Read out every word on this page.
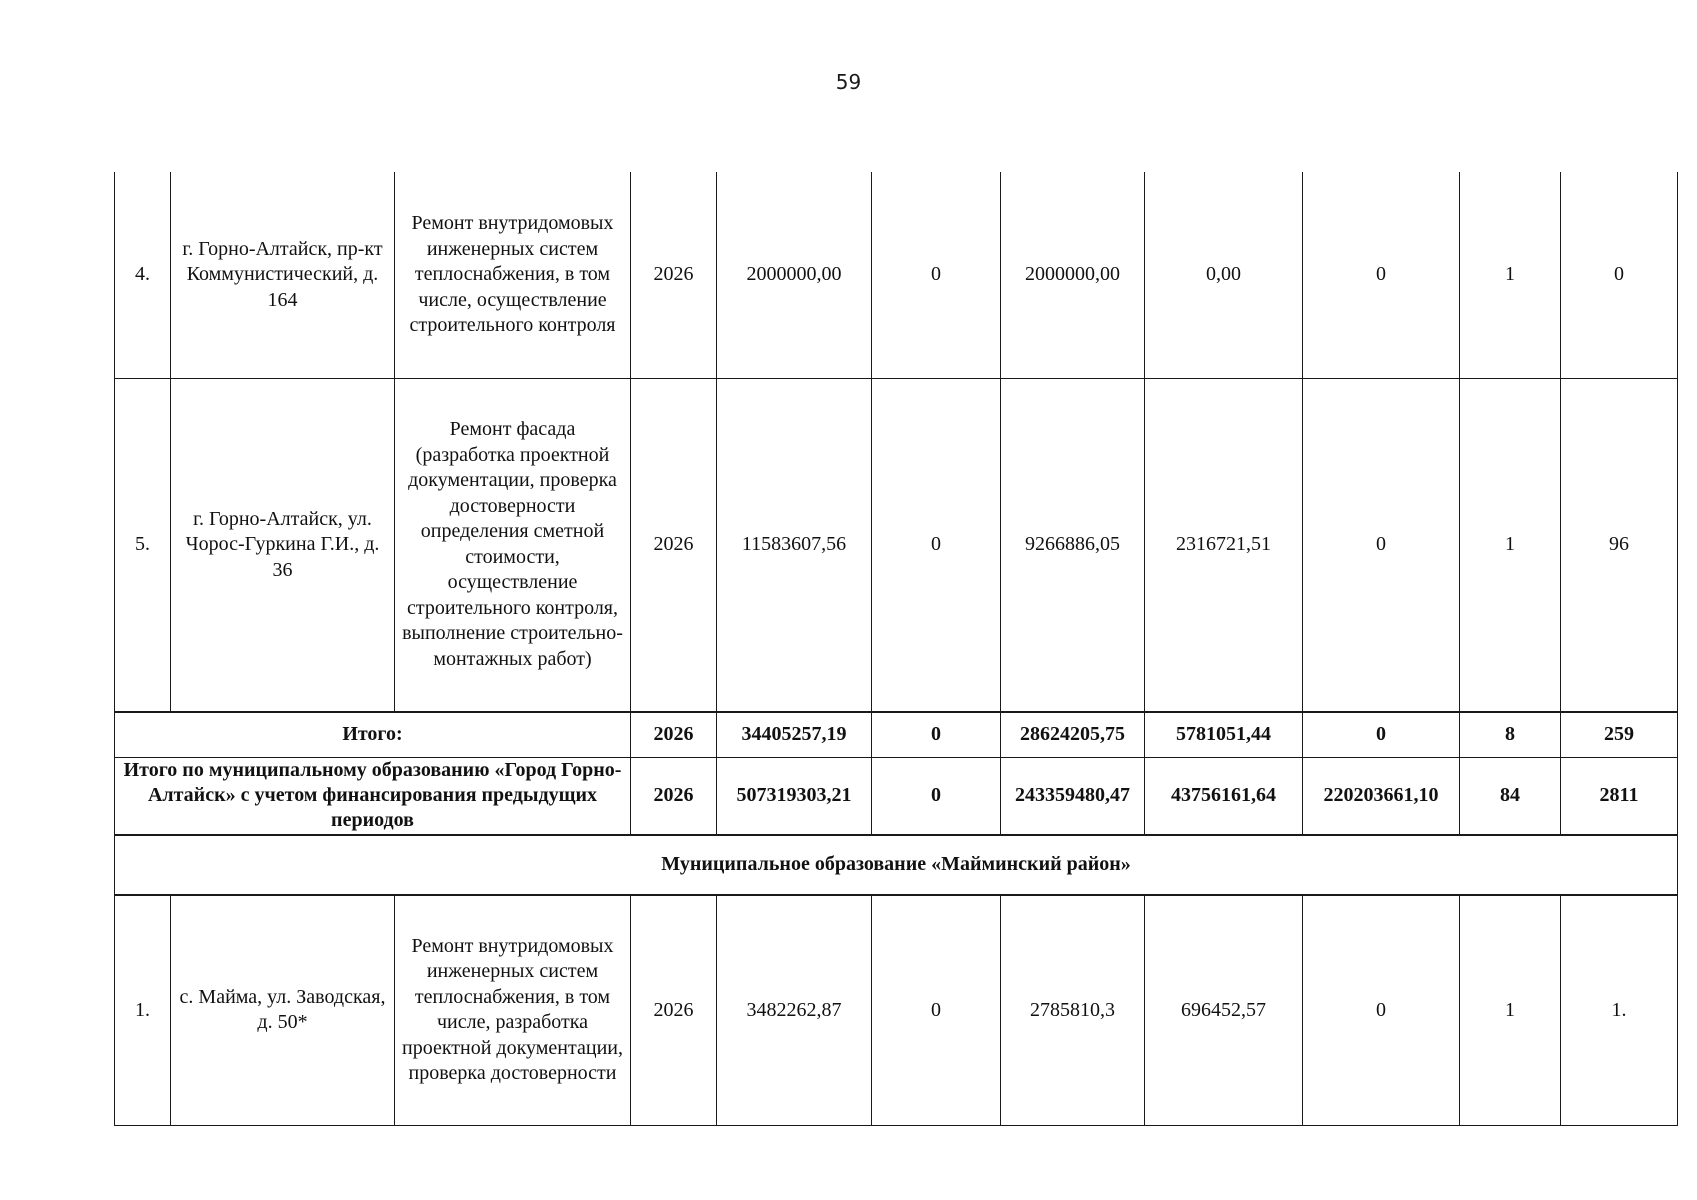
59
4.	г. Горно-Алтайск, пр-кт Коммунистический, д. 164	Ремонт внутридомовых инженерных систем теплоснабжения, в том числе, осуществление строительного контроля	2026	2000000,00	0	2000000,00	0,00	0	1	0
5.	г. Горно-Алтайск, ул. Чорос-Гуркина Г.И., д. 36	Ремонт фасада (разработка проектной документации, проверка достоверности определения сметной стоимости, осуществление строительного контроля, выполнение строительно-монтажных работ)	2026	11583607,56	0	9266886,05	2316721,51	0	1	96
Итого:			2026	34405257,19	0	28624205,75	5781051,44	0	8	259
Итого по муниципальному образованию «Город Горно-Алтайск» с учетом финансирования предыдущих периодов			2026	507319303,21	0	243359480,47	43756161,64	220203661,10	84	2811
Муниципальное образование «Майминский район»										
1.	с. Майма, ул. Заводская, д. 50*	Ремонт внутридомовых инженерных систем теплоснабжения, в том числе, разработка проектной документации, проверка достоверности	2026	3482262,87	0	2785810,3	696452,57	0	1	1.
